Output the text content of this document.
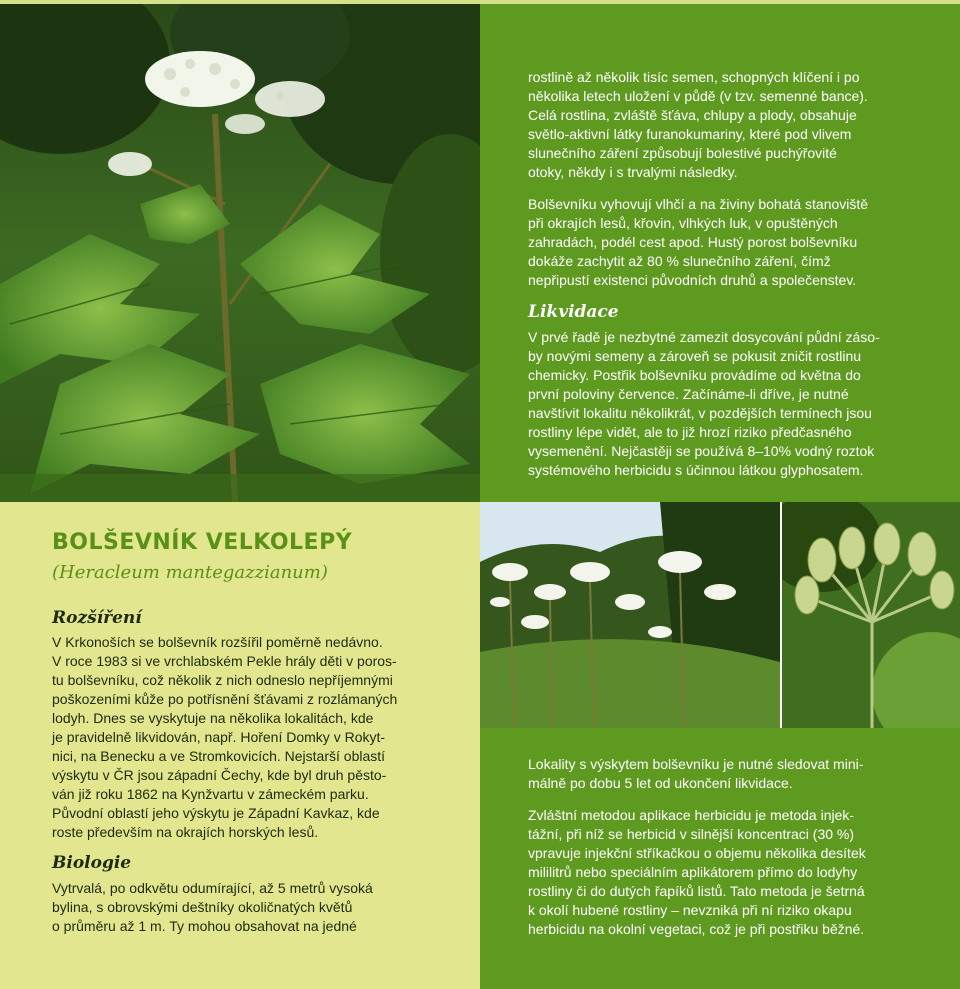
rostlině až několik tisíc semen, schopných klíčení i po

několika letech uložení v půdě (v tzv. semenné bance).

Celá rostlina, zvláště šťáva, chlupy a plody, obsahuje

světlo-aktivní látky furanokumariny, které pod vlivem

slunečního záření způsobují bolestivé puchýřovité

otoky, někdy i s trvalými následky.

Bolševníku vyhovují vlhčí a na živiny bohatá stanoviště

při okrajích lesů, křovin, vlhkých luk, v opuštěných

zahradách, podél cest apod. Hustý porost bolševníku

dokáže zachytit až 80 % slunečního záření, čímž

nepřipustí existenci původních druhů a společenstev.

Likvidace

V prvé řadě je nezbytné zamezit dosycování půdní záso-

by novými semeny a zároveň se pokusit zničit rostlinu

chemicky. Postřik bolševníku provádíme od května do

první poloviny července. Začínáme-li dříve, je nutné

navštívit lokalitu několikrát, v pozdějších termínech jsou

rostliny lépe vidět, ale to již hrozí riziko předčasného

vysemenění. Nejčastěji se používá 8–10% vodný roztok

systémového herbicidu s účinnou látkou glyphosatem.

BOLŠEVNÍK VELKOLEPÝ
(Heracleum mantegazzianum)
Rozšíření

V Krkonoších se bolševník rozšířil poměrně nedávno.

V roce 1983 si ve vrchlabském Pekle hrály děti v poros-

tu bolševníku, což několik z nich odneslo nepříjemnými

poškozeními kůže po potřísnění šťávami z rozlámaných

lodyh. Dnes se vyskytuje na několika lokalitách, kde

je pravidelně likvidován, např. Hoření Domky v Rokyt-

nici, na Benecku a ve Stromkovicích. Nejstarší oblastí

výskytu v ČR jsou západní Čechy, kde byl druh pěsto-

ván již roku 1862 na Kynžvartu v zámeckém parku.

Původní oblastí jeho výskytu je Západní Kavkaz, kde

roste především na okrajích horských lesů.

Biologie

Vytrvalá, po odkvětu odumírající, až 5 metrů vysoká

bylina, s obrovskými deštníky okoličnatých květů

o průměru až 1 m. Ty mohou obsahovat na jedné

Lokality s výskytem bolševníku je nutné sledovat mini-

málně po dobu 5 let od ukončení likvidace.

Zvláštní metodou aplikace herbicidu je metoda injek-

tážní, při níž se herbicid v silnější koncentraci (30 %)

vpravuje injekční stříkačkou o objemu několika desítek

mililitrů nebo speciálním aplikátorem přímo do lodyhy

rostliny či do dutých řapíků listů. Tato metoda je šetrná

k okolí hubené rostliny – nevzniká při ní riziko okapu

herbicidu na okolní vegetaci, což je při postřiku běžné.
